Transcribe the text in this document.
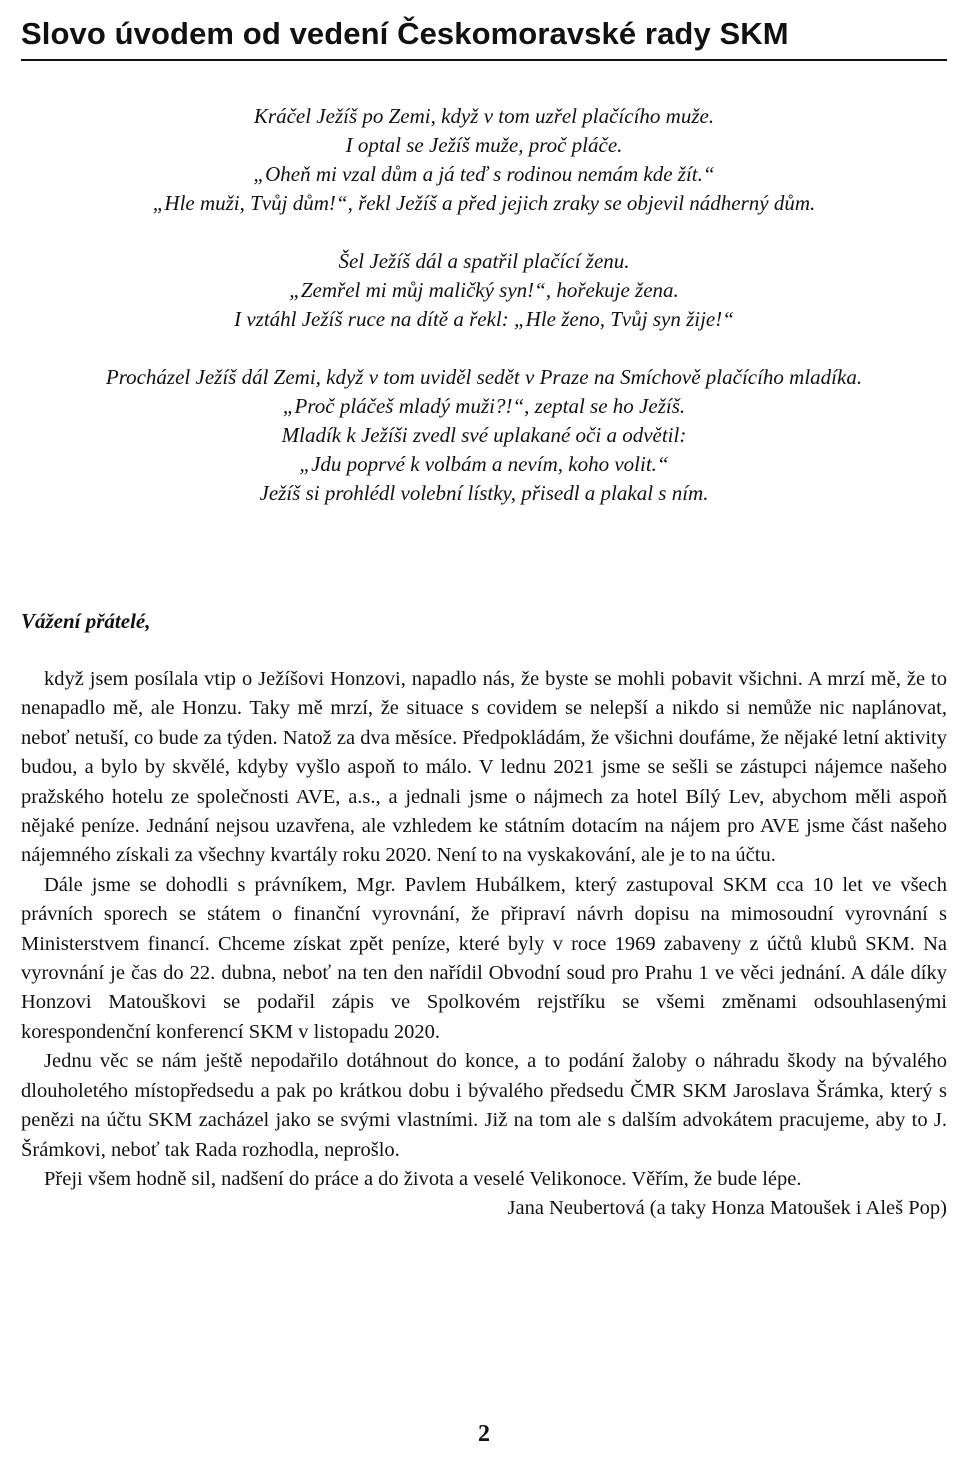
Slovo úvodem od vedení Českomoravské rady SKM
Kráčel Ježíš po Zemi, když v tom uzřel plačícího muže.
I optal se Ježíš muže, proč pláče.
„Oheň mi vzal dům a já teď s rodinou nemám kde žít.“
„Hle muži, Tvůj dům!“, řekl Ježíš a před jejich zraky se objevil nádherný dům.
Šel Ježíš dál a spatřil plačící ženu.
„Zemřel mi můj maličký syn!“, hořekuje žena.
I vztáhl Ježíš ruce na dítě a řekl: „Hle ženo, Tvůj syn žije!“
Procházel Ježíš dál Zemi, když v tom uviděl sedět v Praze na Smíchově plačícího mladíka.
„Proč pláčeš mladý muži?!“, zeptal se ho Ježíš.
Mladík k Ježíši zvedl své uplakané oči a odvětil:
„Jdu poprvé k volbám a nevím, koho volit.“
Ježíš si prohlédl volební lístky, přisedl a plakal s ním.

Vážení přátelé,

když jsem posílala vtip o Ježíšovi Honzovi, napadlo nás, že byste se mohli pobavit všichni. A mrzí mě, že to nenapadlo mě, ale Honzu. Taky mě mrzí, že situace s covidem se nelepší a nikdo si nemůže nic naplánovat, neboť netuší, co bude za týden. Natož za dva měsíce. Předpokládám, že všichni doufáme, že nějaké letní aktivity budou, a bylo by skvělé, kdyby vyšlo aspoň to málo. V lednu 2021 jsme se sešli se zástupci nájemce našeho pražského hotelu ze společnosti AVE, a.s., a jednali jsme o nájmech za hotel Bílý Lev, abychom měli aspoň nějaké peníze. Jednání nejsou uzavřena, ale vzhledem ke státním dotacím na nájem pro AVE jsme část našeho nájemného získali za všechny kvartály roku 2020. Není to na vyskakování, ale je to na účtu.

Dále jsme se dohodli s právníkem, Mgr. Pavlem Hubálkem, který zastupoval SKM cca 10 let ve všech právních sporech se státem o finanční vyrovnání, že připraví návrh dopisu na mimosoudní vyrovnání s Ministerstvem financí. Chceme získat zpět peníze, které byly v roce 1969 zabaveny z účtů klubů SKM. Na vyrovnání je čas do 22. dubna, neboť na ten den nařídil Obvodní soud pro Prahu 1 ve věci jednání. A dále díky Honzovi Matouškovi se podařil zápis ve Spolkovém rejstříku se všemi změnami odsouhlasenými korespondenční konferencí SKM v listopadu 2020.

Jednu věc se nám ještě nepodařilo dotáhnout do konce, a to podání žaloby o náhradu škody na bývalého dlouholetého místopředsedu a pak po krátkou dobu i bývalého předsedu ČMR SKM Jaroslava Šrámka, který s penězi na účtu SKM zacházel jako se svými vlastními. Již na tom ale s dalším advokátem pracujeme, aby to J. Šrámkovi, neboť tak Rada rozhodla, neprošlo.

Přeji všem hodně sil, nadšení do práce a do života a veselé Velikonoce. Věřím, že bude lépe.

Jana Neubertová (a taky Honza Matoušek i Aleš Pop)

2
